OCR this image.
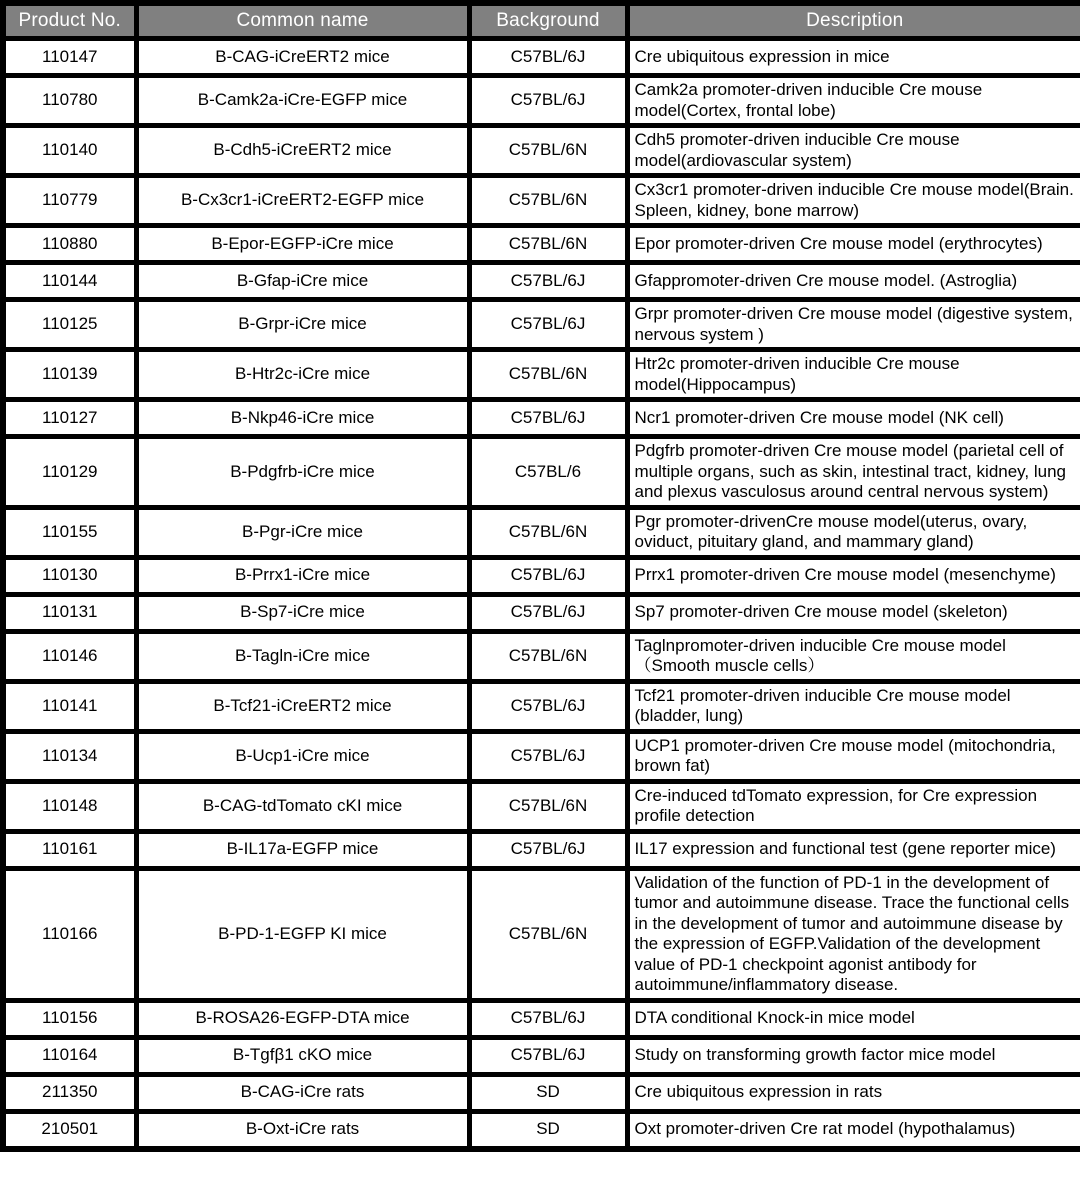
Product No.	Common name	Background	Description
110147	B-CAG-iCreERT2 mice	C57BL/6J	Cre ubiquitous expression in mice
110780	B-Camk2a-iCre-EGFP mice	C57BL/6J	Camk2a promoter-driven inducible Cre mouse model(Cortex, frontal lobe)
110140	B-Cdh5-iCreERT2 mice	C57BL/6N	Cdh5 promoter-driven inducible Cre mouse model(ardiovascular system)
110779	B-Cx3cr1-iCreERT2-EGFP mice	C57BL/6N	Cx3cr1 promoter-driven inducible Cre mouse model(Brain. Spleen, kidney, bone marrow)
110880	B-Epor-EGFP-iCre mice	C57BL/6N	Epor promoter-driven Cre mouse model (erythrocytes)
110144	B-Gfap-iCre mice	C57BL/6J	Gfappromoter-driven Cre mouse model. (Astroglia)
110125	B-Grpr-iCre mice	C57BL/6J	Grpr promoter-driven Cre mouse model (digestive system, nervous system )
110139	B-Htr2c-iCre mice	C57BL/6N	Htr2c promoter-driven inducible Cre mouse model(Hippocampus)
110127	B-Nkp46-iCre mice	C57BL/6J	Ncr1 promoter-driven Cre mouse model (NK cell)
110129	B-Pdgfrb-iCre mice	C57BL/6	Pdgfrb promoter-driven Cre mouse model (parietal cell of multiple organs, such as skin, intestinal tract, kidney, lung and plexus vasculosus around central nervous system)
110155	B-Pgr-iCre mice	C57BL/6N	Pgr promoter-drivenCre mouse model(uterus, ovary, oviduct, pituitary gland, and mammary gland)
110130	B-Prrx1-iCre mice	C57BL/6J	Prrx1 promoter-driven Cre mouse model (mesenchyme)
110131	B-Sp7-iCre mice	C57BL/6J	Sp7 promoter-driven Cre mouse model (skeleton)
110146	B-Tagln-iCre mice	C57BL/6N	Taglnpromoter-driven inducible Cre mouse model （Smooth muscle cells）
110141	B-Tcf21-iCreERT2 mice	C57BL/6J	Tcf21 promoter-driven inducible Cre mouse model (bladder, lung)
110134	B-Ucp1-iCre mice	C57BL/6J	UCP1 promoter-driven Cre mouse model (mitochondria, brown fat)
110148	B-CAG-tdTomato cKI mice	C57BL/6N	Cre-induced tdTomato expression, for Cre expression profile detection
110161	B-IL17a-EGFP mice	C57BL/6J	IL17 expression and functional test (gene reporter mice)
110166	B-PD-1-EGFP KI mice	C57BL/6N	Validation of the function of PD-1 in the development of tumor and autoimmune disease. Trace the functional cells in the development of tumor and autoimmune disease by the expression of EGFP.Validation of the development value of PD-1 checkpoint agonist antibody for autoimmune/inflammatory disease.
110156	B-ROSA26-EGFP-DTA mice	C57BL/6J	DTA conditional Knock-in mice model
110164	B-Tgfβ1 cKO mice	C57BL/6J	Study on transforming growth factor mice model
211350	B-CAG-iCre rats	SD	Cre ubiquitous expression in rats
210501	B-Oxt-iCre rats	SD	Oxt promoter-driven Cre rat model (hypothalamus)
